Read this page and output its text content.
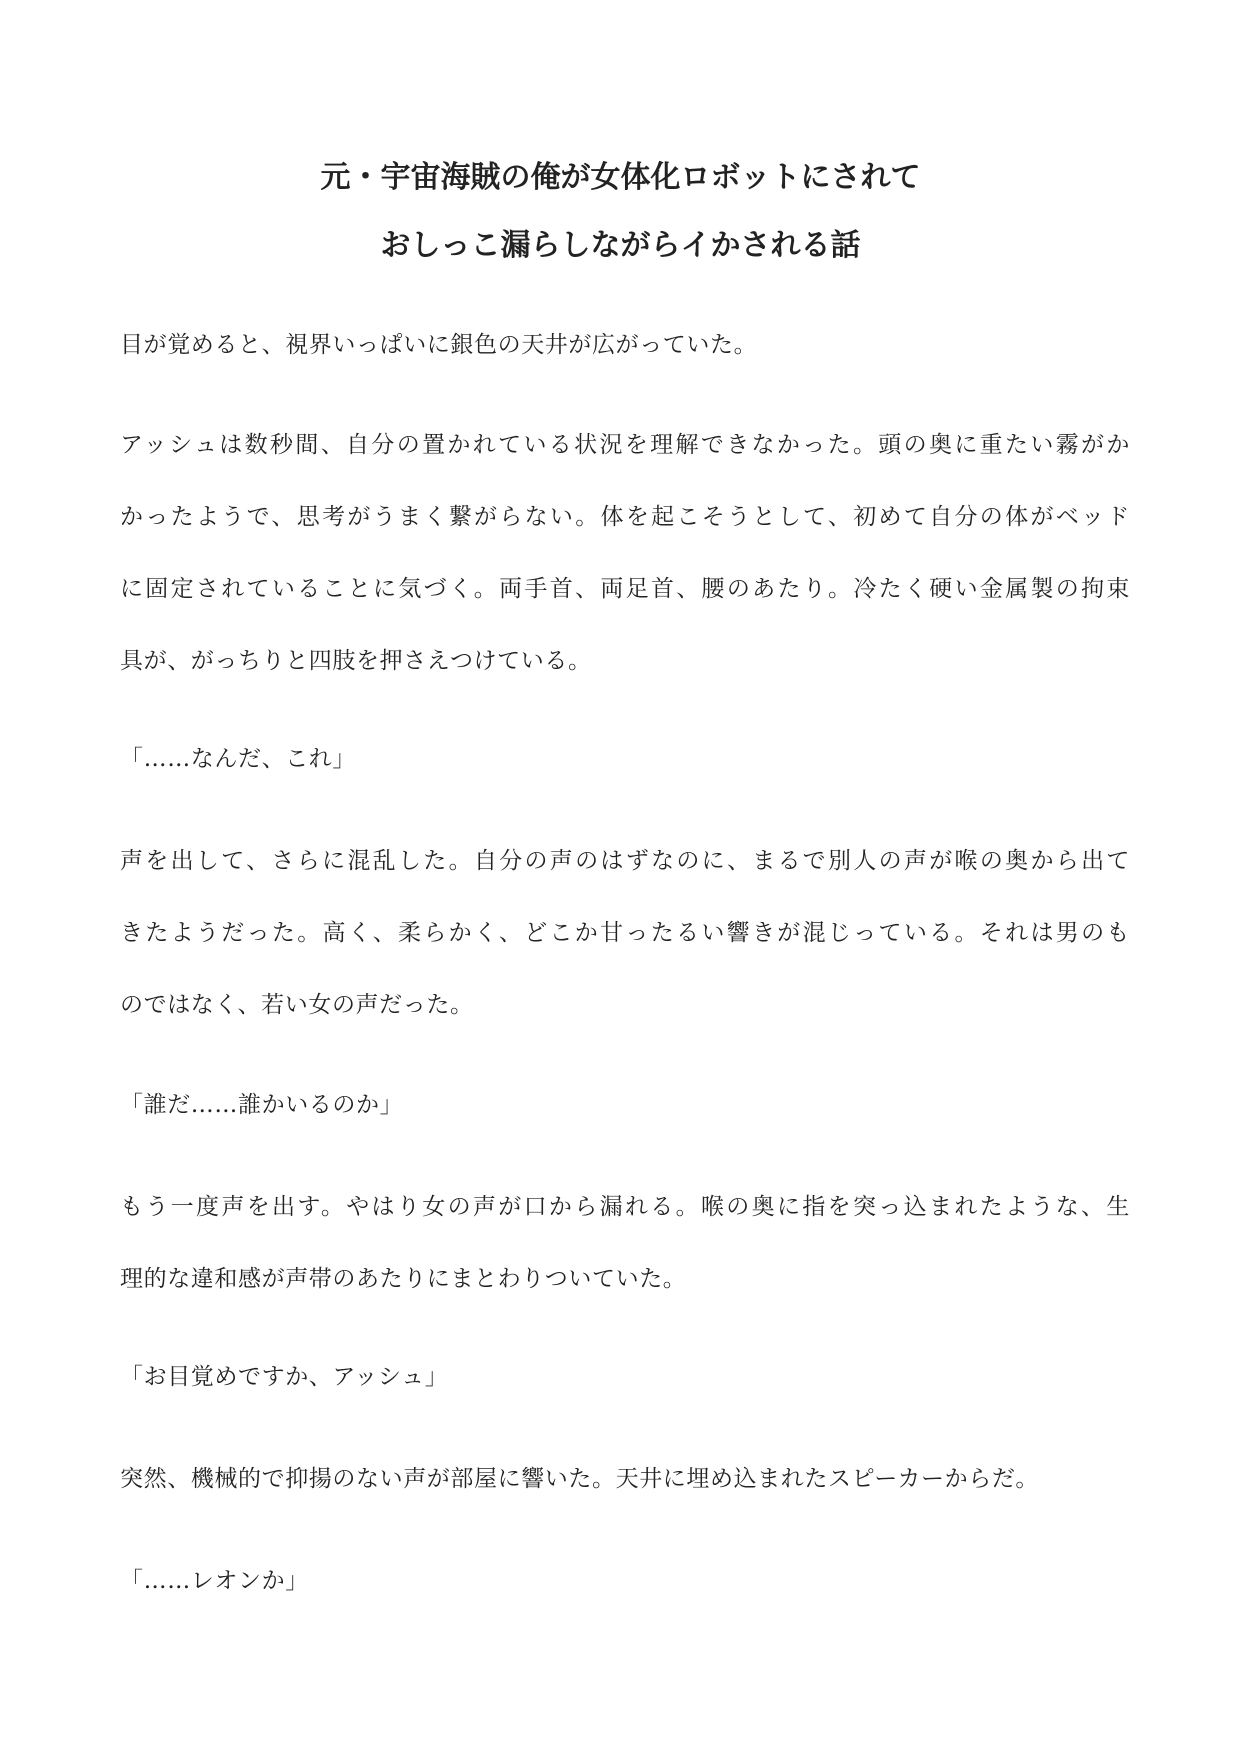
元・宇宙海賊の俺が女体化ロボットにされて
おしっこ漏らしながらイかされる話
目が覚めると、視界いっぱいに銀色の天井が広がっていた。
アッシュは数秒間、自分の置かれている状況を理解できなかった。頭の奥に重たい霧がか
かったようで、思考がうまく繋がらない。体を起こそうとして、初めて自分の体がベッド
に固定されていることに気づく。両手首、両足首、腰のあたり。冷たく硬い金属製の拘束
具が、がっちりと四肢を押さえつけている。
「……なんだ、これ」
声を出して、さらに混乱した。自分の声のはずなのに、まるで別人の声が喉の奥から出て
きたようだった。高く、柔らかく、どこか甘ったるい響きが混じっている。それは男のも
のではなく、若い女の声だった。
「誰だ……誰かいるのか」
もう一度声を出す。やはり女の声が口から漏れる。喉の奥に指を突っ込まれたような、生
理的な違和感が声帯のあたりにまとわりついていた。
「お目覚めですか、アッシュ」
突然、機械的で抑揚のない声が部屋に響いた。天井に埋め込まれたスピーカーからだ。
「……レオンか」
